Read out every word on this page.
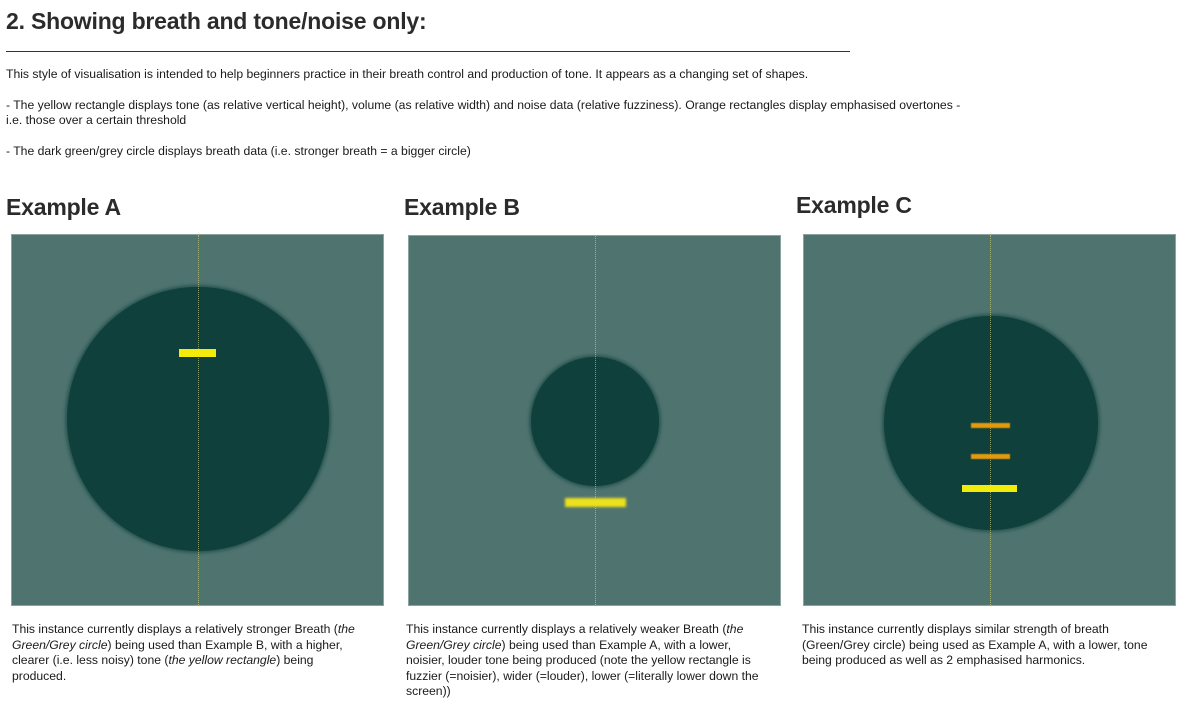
2. Showing breath and tone/noise only:

This style of visualisation is intended to help beginners practice in their breath control and production of tone. It appears as a changing set of shapes.

- The yellow rectangle displays tone (as relative vertical height), volume (as relative width) and noise data (relative fuzziness). Orange rectangles display emphasised overtones -
i.e. those over a certain threshold

- The dark green/grey circle displays breath data (i.e. stronger breath = a bigger circle)

Example A

This instance currently displays a relatively stronger Breath (the Green/Grey circle) being used than Example B, with a higher, clearer (i.e. less noisy) tone (the yellow rectangle) being produced.

Example B

This instance currently displays a relatively weaker Breath (the Green/Grey circle) being used than Example A, with a lower, noisier, louder tone being produced (note the yellow rectangle is fuzzier (=noisier), wider (=louder), lower (=literally lower down the screen))

Example C

This instance currently displays similar strength of breath (Green/Grey circle) being used as Example A, with a lower, tone being produced as well as 2 emphasised harmonics.
